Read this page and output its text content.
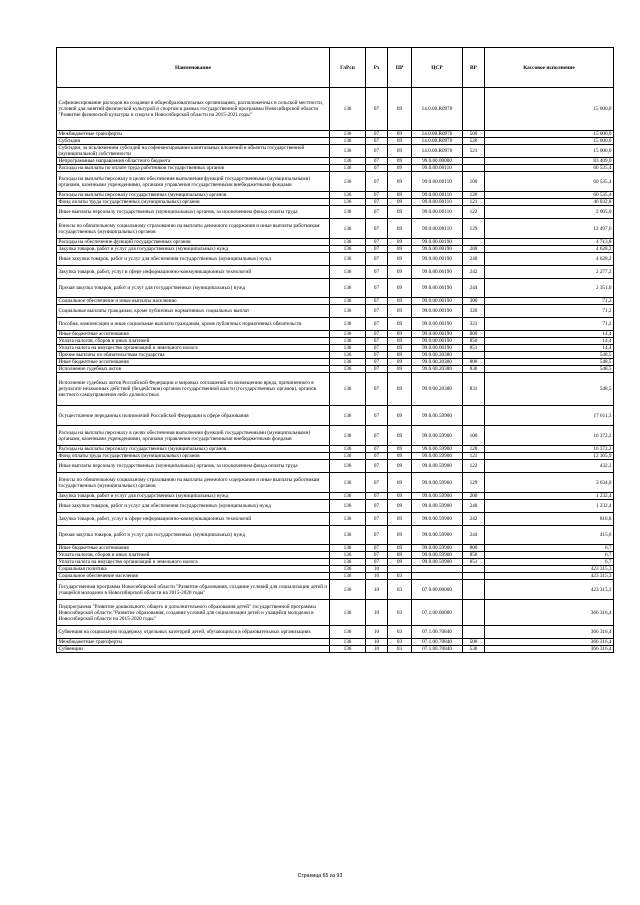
Наименование	ГлРсп	Рз	ПР	ЦСР	ВР	Кассовое исполнение
Софинансирование расходов на создание в общеобразовательных организациях, расположенных в сельской местности, условий для занятий физической культурой и спортом в рамках государственной программы Новосибирской области "Развитие физической культуры и спорта в Новосибирской области на 2015-2021 годы"	136	07	09	14.0.00.R0970		15 000,0
Межбюджетные трансферты	136	07	09	14.0.00.R0970	500	15 000,0
Субсидии	136	07	09	14.0.00.R0970	520	15 000,0
Субсидии, за исключением субсидий на софинансирование капитальных вложений в объекты государственной (муниципальной) собственности	136	07	09	14.0.00.R0970	521	15 000,0
Непрограммные направления областного бюджета	136	07	09	99.0.00.00000		83 409,0
Расходы на выплаты по оплате труда работников государственных органов	136	07	09	99.0.00.00110		60 535,4
Расходы на выплаты персоналу в целях обеспечения выполнения функций государственными (муниципальными) органами, казенными учреждениями, органами управления государственными внебюджетными фондами	136	07	09	99.0.00.00110	100	60 535,4
Расходы на выплаты персоналу государственных (муниципальных) органов	136	07	09	99.0.00.00110	120	60 535,4
Фонд оплаты труда государственных (муниципальных) органов	136	07	09	99.0.00.00110	121	46 032,8
Иные выплаты персоналу государственных (муниципальных) органов, за исключением фонда оплаты труда	136	07	09	99.0.00.00110	122	2 005,0
Взносы по обязательному социальному страхованию на выплаты денежного содержания и иные выплаты работникам государственных (муниципальных) органов	136	07	09	99.0.00.00110	129	12 497,6
Расходы на обеспечение функций государственных органов	136	07	09	99.0.00.00190		4 713,8
Закупка товаров, работ и услуг для государственных (муниципальных) нужд	136	07	09	99.0.00.00190	200	4 628,2
Иные закупки товаров, работ и услуг для обеспечения государственных (муниципальных) нужд	136	07	09	99.0.00.00190	240	4 628,2
Закупка товаров, работ, услуг в сфере информационно-коммуникационных технологий	136	07	09	99.0.00.00190	242	2 277,2
Прочая закупка товаров, работ и услуг для государственных (муниципальных) нужд	136	07	09	99.0.00.00190	244	2 351,0
Социальное обеспечение и иные выплаты населению	136	07	09	99.0.00.00190	300	71,2
Социальные выплаты гражданам, кроме публичных нормативных социальных выплат	136	07	09	99.0.00.00190	320	71,2
Пособия, компенсации и иные социальные выплаты гражданам, кроме публичных нормативных обязательств	136	07	09	99.0.00.00190	321	71,2
Иные бюджетные ассигнования	136	07	09	99.0.00.00190	800	14,4
Уплата налогов, сборов и иных платежей	136	07	09	99.0.00.00190	850	14,4
Уплата налога на имущество организаций и земельного налога	136	07	09	99.0.00.00190	851	14,4
Прочие выплаты по обязательствам государства	136	07	09	99.0.00.20380		548,5
Иные бюджетные ассигнования	136	07	09	99.0.00.20380	800	548,5
Исполнение судебных актов	136	07	09	99.0.00.20380	830	548,5
Исполнение судебных актов Российской Федерации и мировых соглашений по возмещению вреда, причиненного в результате незаконных действий (бездействия) органов государственной власти (государственных органов), органов местного самоуправления либо должностных	136	07	09	99.0.00.20380	831	548,5
Осуществление переданных полномочий Российской Федерации в сфере образования	136	07	09	99.0.00.59900		17 611,3
Расходы на выплаты персоналу в целях обеспечения выполнения функций государственными (муниципальными) органами, казенными учреждениями, органами управления государственными внебюджетными фондами	136	07	09	99.0.00.59900	100	16 372,2
Расходы на выплаты персоналу государственных (муниципальных) органов	136	07	09	99.0.00.59900	120	16 372,2
Фонд оплаты труда государственных (муниципальных) органов	136	07	09	99.0.00.59900	121	12 305,9
Иные выплаты персоналу государственных (муниципальных) органов, за исключением фонда оплаты труда	136	07	09	99.0.00.59900	122	432,3
Взносы по обязательному социальному страхованию на выплаты денежного содержания и иные выплаты работникам государственных (муниципальных) органов	136	07	09	99.0.00.59900	129	3 634,0
Закупка товаров, работ и услуг для государственных (муниципальных) нужд	136	07	09	99.0.00.59900	200	1 232,4
Иные закупки товаров, работ и услуг для обеспечения государственных (муниципальных) нужд	136	07	09	99.0.00.59900	240	1 232,4
Закупка товаров, работ, услуг в сфере информационно-коммуникационных технологий	136	07	09	99.0.00.59900	242	816,8
Прочая закупка товаров, работ и услуг для государственных (муниципальных) нужд	136	07	09	99.0.00.59900	244	415,6
Иные бюджетные ассигнования	136	07	09	99.0.00.59900	800	6,7
Уплата налогов, сборов и иных платежей	136	07	09	99.0.00.59900	850	6,7
Уплата налога на имущество организаций и земельного налога	136	07	09	99.0.00.59900	851	6,7
Социальная политика	136	10				423 315,3
Социальное обеспечение населения	136	10	03			423 315,3
Государственная программа Новосибирской области "Развитие образования, создание условий для социализации детей и учащейся молодежи в Новосибирской области на 2015-2020 годы"	136	10	03	07.0.00.00000		423 315,3
Подпрограмма "Развитие дошкольного, общего и дополнительного образования детей" государственной программы Новосибирской области "Развитие образования, создание условий для социализации детей и учащейся молодежи в Новосибирской области на 2015-2020 годы"	136	10	03	07.1.00.00000		366 316,4
Субвенция на социальную поддержку отдельных категорий детей, обучающихся в образовательных организациях	136	10	03	07.1.00.70840		366 316,4
Межбюджетные трансферты	136	10	03	07.1.00.70840	500	366 316,4
Субвенции	136	10	03	07.1.00.70840	530	366 316,4
Страница 65 из 93
